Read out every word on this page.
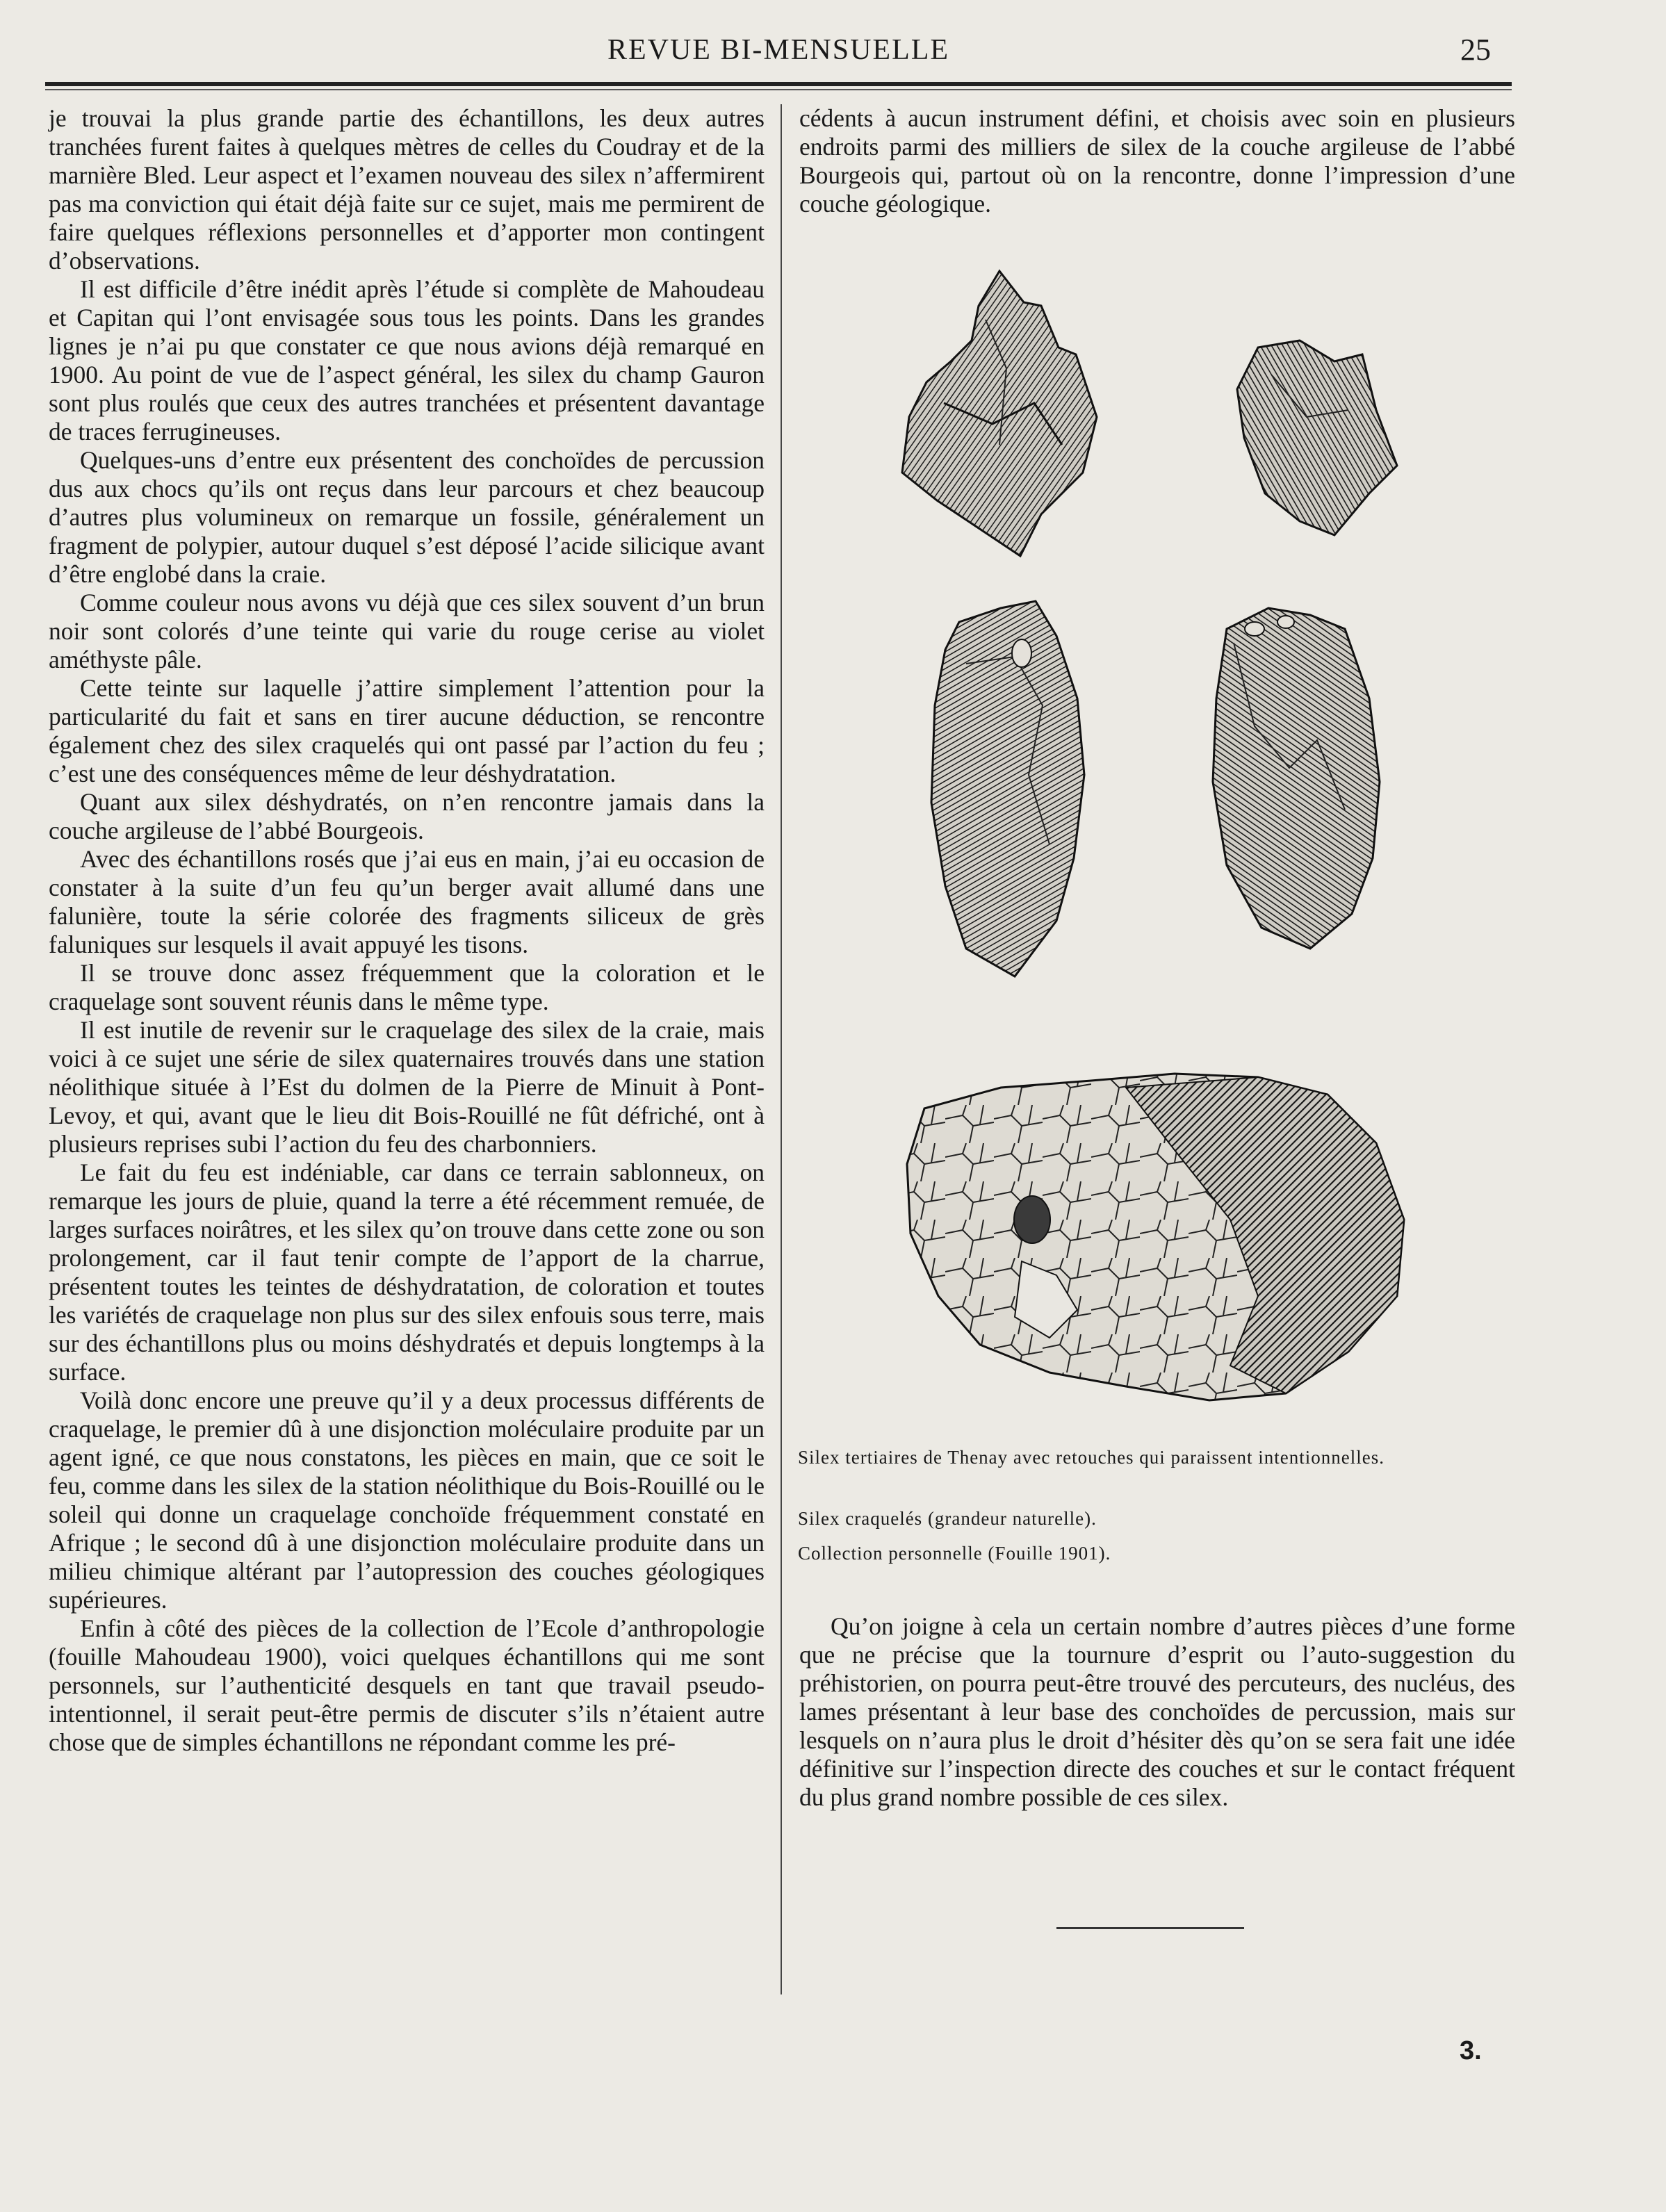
REVUE BI-MENSUELLE	25

je trouvai la plus grande partie des échantillons, les deux autres tranchées furent faites à quelques mètres de celles du Coudray et de la marnière Bled. Leur aspect et l’examen nouveau des silex n’affermirent pas ma conviction qui était déjà faite sur ce sujet, mais me permirent de faire quelques réflexions personnelles et d’apporter mon contingent d’observations.

Il est difficile d’être inédit après l’étude si complète de Mahoudeau et Capitan qui l’ont envisagée sous tous les points. Dans les grandes lignes je n’ai pu que constater ce que nous avions déjà remarqué en 1900. Au point de vue de l’aspect général, les silex du champ Gauron sont plus roulés que ceux des autres tranchées et présentent davantage de traces ferrugineuses.

Quelques-uns d’entre eux présentent des conchoïdes de percussion dus aux chocs qu’ils ont reçus dans leur parcours et chez beaucoup d’autres plus volumineux on remarque un fossile, généralement un fragment de polypier, autour duquel s’est déposé l’acide silicique avant d’être englobé dans la craie.

Comme couleur nous avons vu déjà que ces silex souvent d’un brun noir sont colorés d’une teinte qui varie du rouge cerise au violet améthyste pâle.

Cette teinte sur laquelle j’attire simplement l’attention pour la particularité du fait et sans en tirer aucune déduction, se rencontre également chez des silex craquelés qui ont passé par l’action du feu ; c’est une des conséquences même de leur déshydratation.

Quant aux silex déshydratés, on n’en rencontre jamais dans la couche argileuse de l’abbé Bourgeois.

Avec des échantillons rosés que j’ai eus en main, j’ai eu occasion de constater à la suite d’un feu qu’un berger avait allumé dans une falunière, toute la série colorée des fragments siliceux de grès faluniques sur lesquels il avait appuyé les tisons.

Il se trouve donc assez fréquemment que la coloration et le craquelage sont souvent réunis dans le même type.

Il est inutile de revenir sur le craquelage des silex de la craie, mais voici à ce sujet une série de silex quaternaires trouvés dans une station néolithique située à l’Est du dolmen de la Pierre de Minuit à Pont-Levoy, et qui, avant que le lieu dit Bois-Rouillé ne fût défriché, ont à plusieurs reprises subi l’action du feu des charbonniers.

Le fait du feu est indéniable, car dans ce terrain sablonneux, on remarque les jours de pluie, quand la terre a été récemment remuée, de larges surfaces noirâtres, et les silex qu’on trouve dans cette zone ou son prolongement, car il faut tenir compte de l’apport de la charrue, présentent toutes les teintes de déshydratation, de coloration et toutes les variétés de craquelage non plus sur des silex enfouis sous terre, mais sur des échantillons plus ou moins déshydratés et depuis longtemps à la surface.

Voilà donc encore une preuve qu’il y a deux processus différents de craquelage, le premier dû à une disjonction moléculaire produite par un agent igné, ce que nous constatons, les pièces en main, que ce soit le feu, comme dans les silex de la station néolithique du Bois-Rouillé ou le soleil qui donne un craquelage conchoïde fréquemment constaté en Afrique ; le second dû à une disjonction moléculaire produite dans un milieu chimique altérant par l’autopression des couches géologiques supérieures.

Enfin à côté des pièces de la collection de l’Ecole d’anthropologie (fouille Mahoudeau 1900), voici quelques échantillons qui me sont personnels, sur l’authenticité desquels en tant que travail pseudo-intentionnel, il serait peut-être permis de discuter s’ils n’étaient autre chose que de simples échantillons ne répondant comme les pré-

cédents à aucun instrument défini, et choisis avec soin en plusieurs endroits parmi des milliers de silex de la couche argileuse de l’abbé Bourgeois qui, partout où on la rencontre, donne l’impression d’une couche géologique.

Silex tertiaires de Thenay avec retouches qui paraissent intentionnelles.
Silex craquelés (grandeur naturelle).
Collection personnelle (Fouille 1901).

Qu’on joigne à cela un certain nombre d’autres pièces d’une forme que ne précise que la tournure d’esprit ou l’auto-suggestion du préhistorien, on pourra peut-être trouvé des percuteurs, des nucléus, des lames présentant à leur base des conchoïdes de percussion, mais sur lesquels on n’aura plus le droit d’hésiter dès qu’on se sera fait une idée définitive sur l’inspection directe des couches et sur le contact fréquent du plus grand nombre possible de ces silex.

3.
